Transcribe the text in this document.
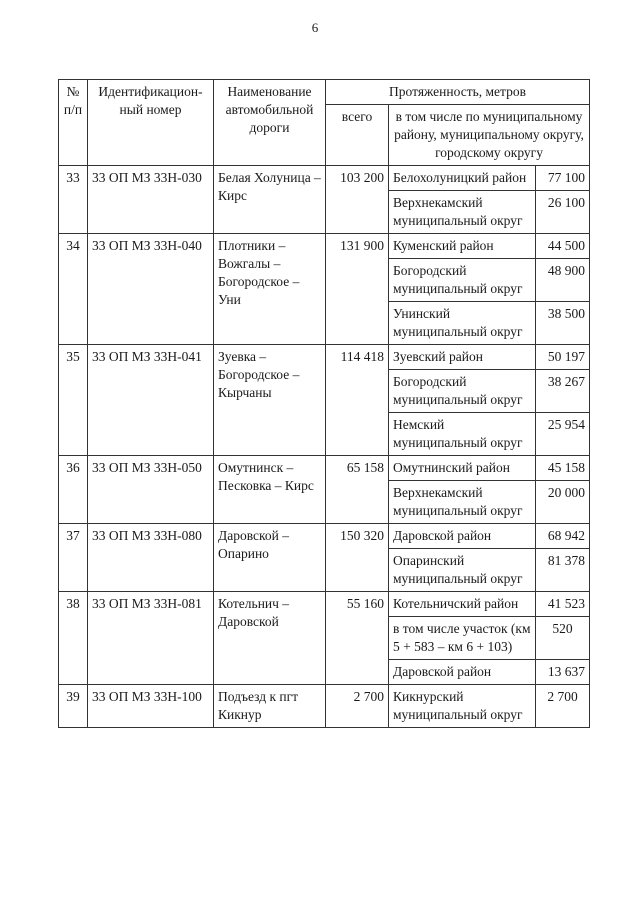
6
№ п/п	Идентификацион-ный номер	Наименование автомобильной дороги	Протяженность, метров		
			всего	в том числе по муниципальному району, муниципальному округу, городскому округу	
33	33 ОП МЗ 33Н-030	Белая Холуница – Кирс	103 200	Белохолуницкий район	77 100
				Верхнекамский муниципальный округ	26 100
34	33 ОП МЗ 33Н-040	Плотники – Вожгалы – Богородское – Уни	131 900	Куменский район	44 500
				Богородский муниципальный округ	48 900
				Унинский муниципальный округ	38 500
35	33 ОП МЗ 33Н-041	Зуевка – Богородское – Кырчаны	114 418	Зуевский район	50 197
				Богородский муниципальный округ	38 267
				Немский муниципальный округ	25 954
36	33 ОП МЗ 33Н-050	Омутнинск – Песковка – Кирс	65 158	Омутнинский район	45 158
				Верхнекамский муниципальный округ	20 000
37	33 ОП МЗ 33Н-080	Даровской – Опарино	150 320	Даровской район	68 942
				Опаринский муниципальный округ	81 378
38	33 ОП МЗ 33Н-081	Котельнич – Даровской	55 160	Котельничский район	41 523
				в том числе участок (км 5 + 583 – км 6 + 103)	520
				Даровской район	13 637
39	33 ОП МЗ 33Н-100	Подъезд к пгт Кикнур	2 700	Кикнурский муниципальный округ	2 700
